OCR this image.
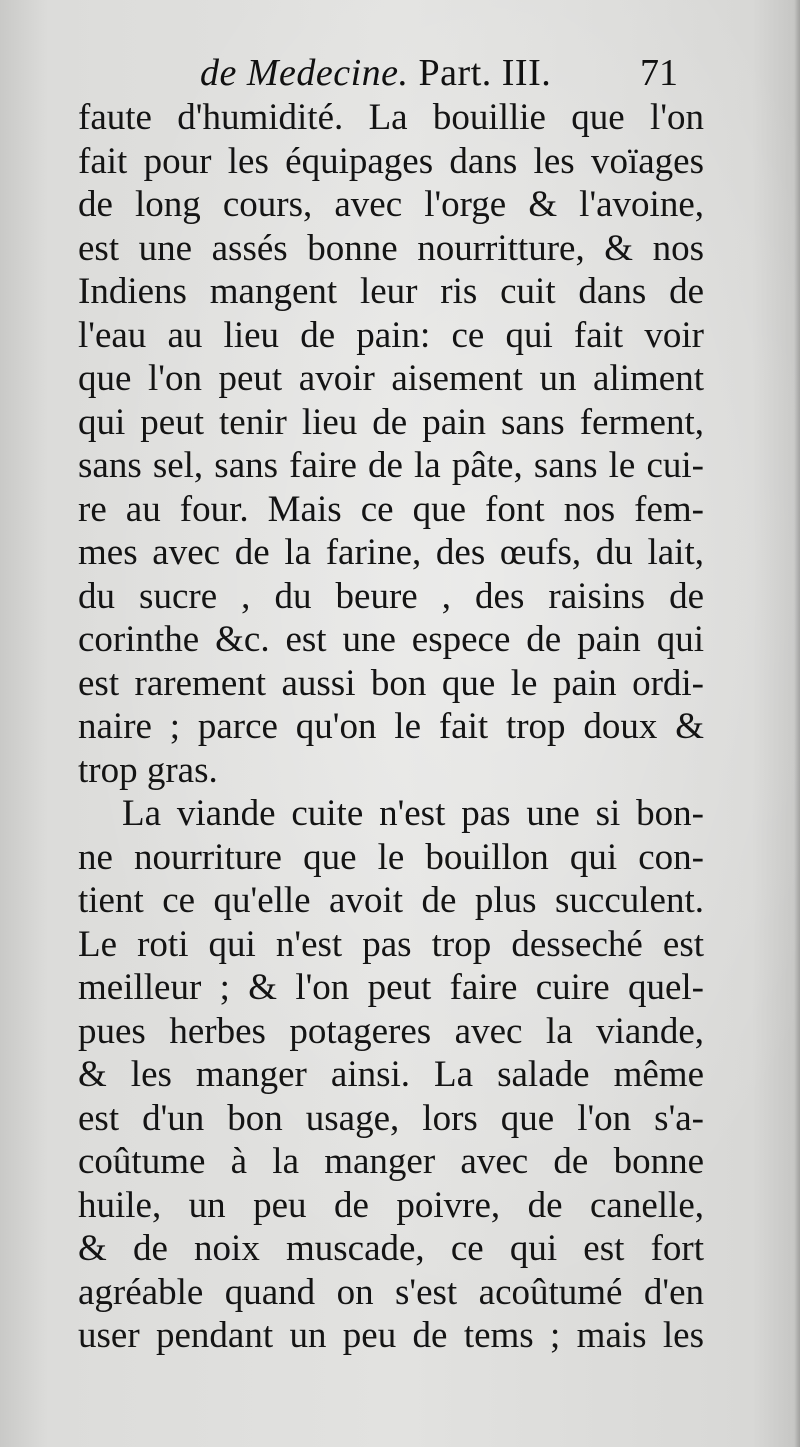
de Medecine. Part. III. 71
faute d'humidité. La bouillie que l'on
fait pour les équipages dans les voïages
de long cours, avec l'orge & l'avoine,
est une assés bonne nourritture, & nos
Indiens mangent leur ris cuit dans de
l'eau au lieu de pain: ce qui fait voir
que l'on peut avoir aisement un aliment
qui peut tenir lieu de pain sans ferment,
sans sel, sans faire de la pâte, sans le cui-
re au four. Mais ce que font nos fem-
mes avec de la farine, des œufs, du lait,
du sucre , du beure , des raisins de
corinthe &c. est une espece de pain qui
est rarement aussi bon que le pain ordi-
naire ; parce qu'on le fait trop doux &
trop gras.
La viande cuite n'est pas une si bon-
ne nourriture que le bouillon qui con-
tient ce qu'elle avoit de plus succulent.
Le roti qui n'est pas trop desseché est
meilleur ; & l'on peut faire cuire quel-
pues herbes potageres avec la viande,
& les manger ainsi. La salade même
est d'un bon usage, lors que l'on s'a-
coûtume à la manger avec de bonne
huile, un peu de poivre, de canelle,
& de noix muscade, ce qui est fort
agréable quand on s'est acoûtumé d'en
user pendant un peu de tems ; mais les
